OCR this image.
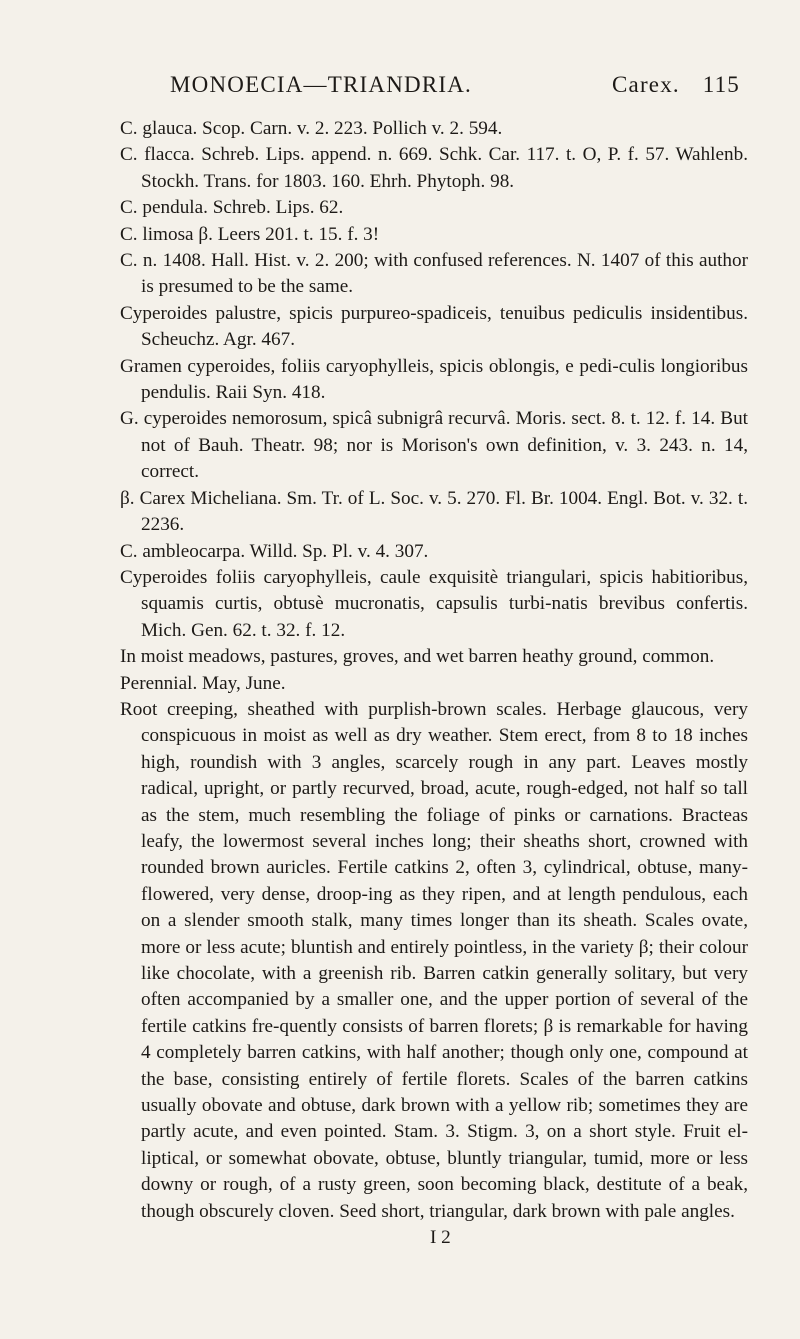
MONOECIA—TRIANDRIA.	Carex. 115

C. glauca. Scop. Carn. v. 2. 223. Pollich v. 2. 594.

C. flacca. Schreb. Lips. append. n. 669. Schk. Car. 117. t. O, P. f. 57. Wahlenb. Stockh. Trans. for 1803. 160. Ehrh. Phytoph. 98.

C. pendula. Schreb. Lips. 62.

C. limosa β. Leers 201. t. 15. f. 3!

C. n. 1408. Hall. Hist. v. 2. 200; with confused references. N. 1407 of this author is presumed to be the same.

Cyperoides palustre, spicis purpureo-spadiceis, tenuibus pediculis insidentibus. Scheuchz. Agr. 467.

Gramen cyperoides, foliis caryophylleis, spicis oblongis, e pedi-culis longioribus pendulis. Raii Syn. 418.

G. cyperoides nemorosum, spicâ subnigrâ recurvâ. Moris. sect. 8. t. 12. f. 14. But not of Bauh. Theatr. 98; nor is Morison's own definition, v. 3. 243. n. 14, correct.

β. Carex Micheliana. Sm. Tr. of L. Soc. v. 5. 270. Fl. Br. 1004. Engl. Bot. v. 32. t. 2236.

C. ambleocarpa. Willd. Sp. Pl. v. 4. 307.

Cyperoides foliis caryophylleis, caule exquisitè triangulari, spicis habitioribus, squamis curtis, obtusè mucronatis, capsulis turbi-natis brevibus confertis. Mich. Gen. 62. t. 32. f. 12.

In moist meadows, pastures, groves, and wet barren heathy ground, common.

Perennial. May, June.

Root creeping, sheathed with purplish-brown scales. Herbage glaucous, very conspicuous in moist as well as dry weather. Stem erect, from 8 to 18 inches high, roundish with 3 angles, scarcely rough in any part. Leaves mostly radical, upright, or partly recurved, broad, acute, rough-edged, not half so tall as the stem, much resembling the foliage of pinks or carnations. Bracteas leafy, the lowermost several inches long; their sheaths short, crowned with rounded brown auricles. Fertile catkins 2, often 3, cylindrical, obtuse, many-flowered, very dense, droop-ing as they ripen, and at length pendulous, each on a slender smooth stalk, many times longer than its sheath. Scales ovate, more or less acute; bluntish and entirely pointless, in the variety β; their colour like chocolate, with a greenish rib. Barren catkin generally solitary, but very often accompanied by a smaller one, and the upper portion of several of the fertile catkins fre-quently consists of barren florets; β is remarkable for having 4 completely barren catkins, with half another; though only one, compound at the base, consisting entirely of fertile florets. Scales of the barren catkins usually obovate and obtuse, dark brown with a yellow rib; sometimes they are partly acute, and even pointed. Stam. 3. Stigm. 3, on a short style. Fruit el-liptical, or somewhat obovate, obtuse, bluntly triangular, tumid, more or less downy or rough, of a rusty green, soon becoming black, destitute of a beak, though obscurely cloven. Seed short, triangular, dark brown with pale angles.

I 2
